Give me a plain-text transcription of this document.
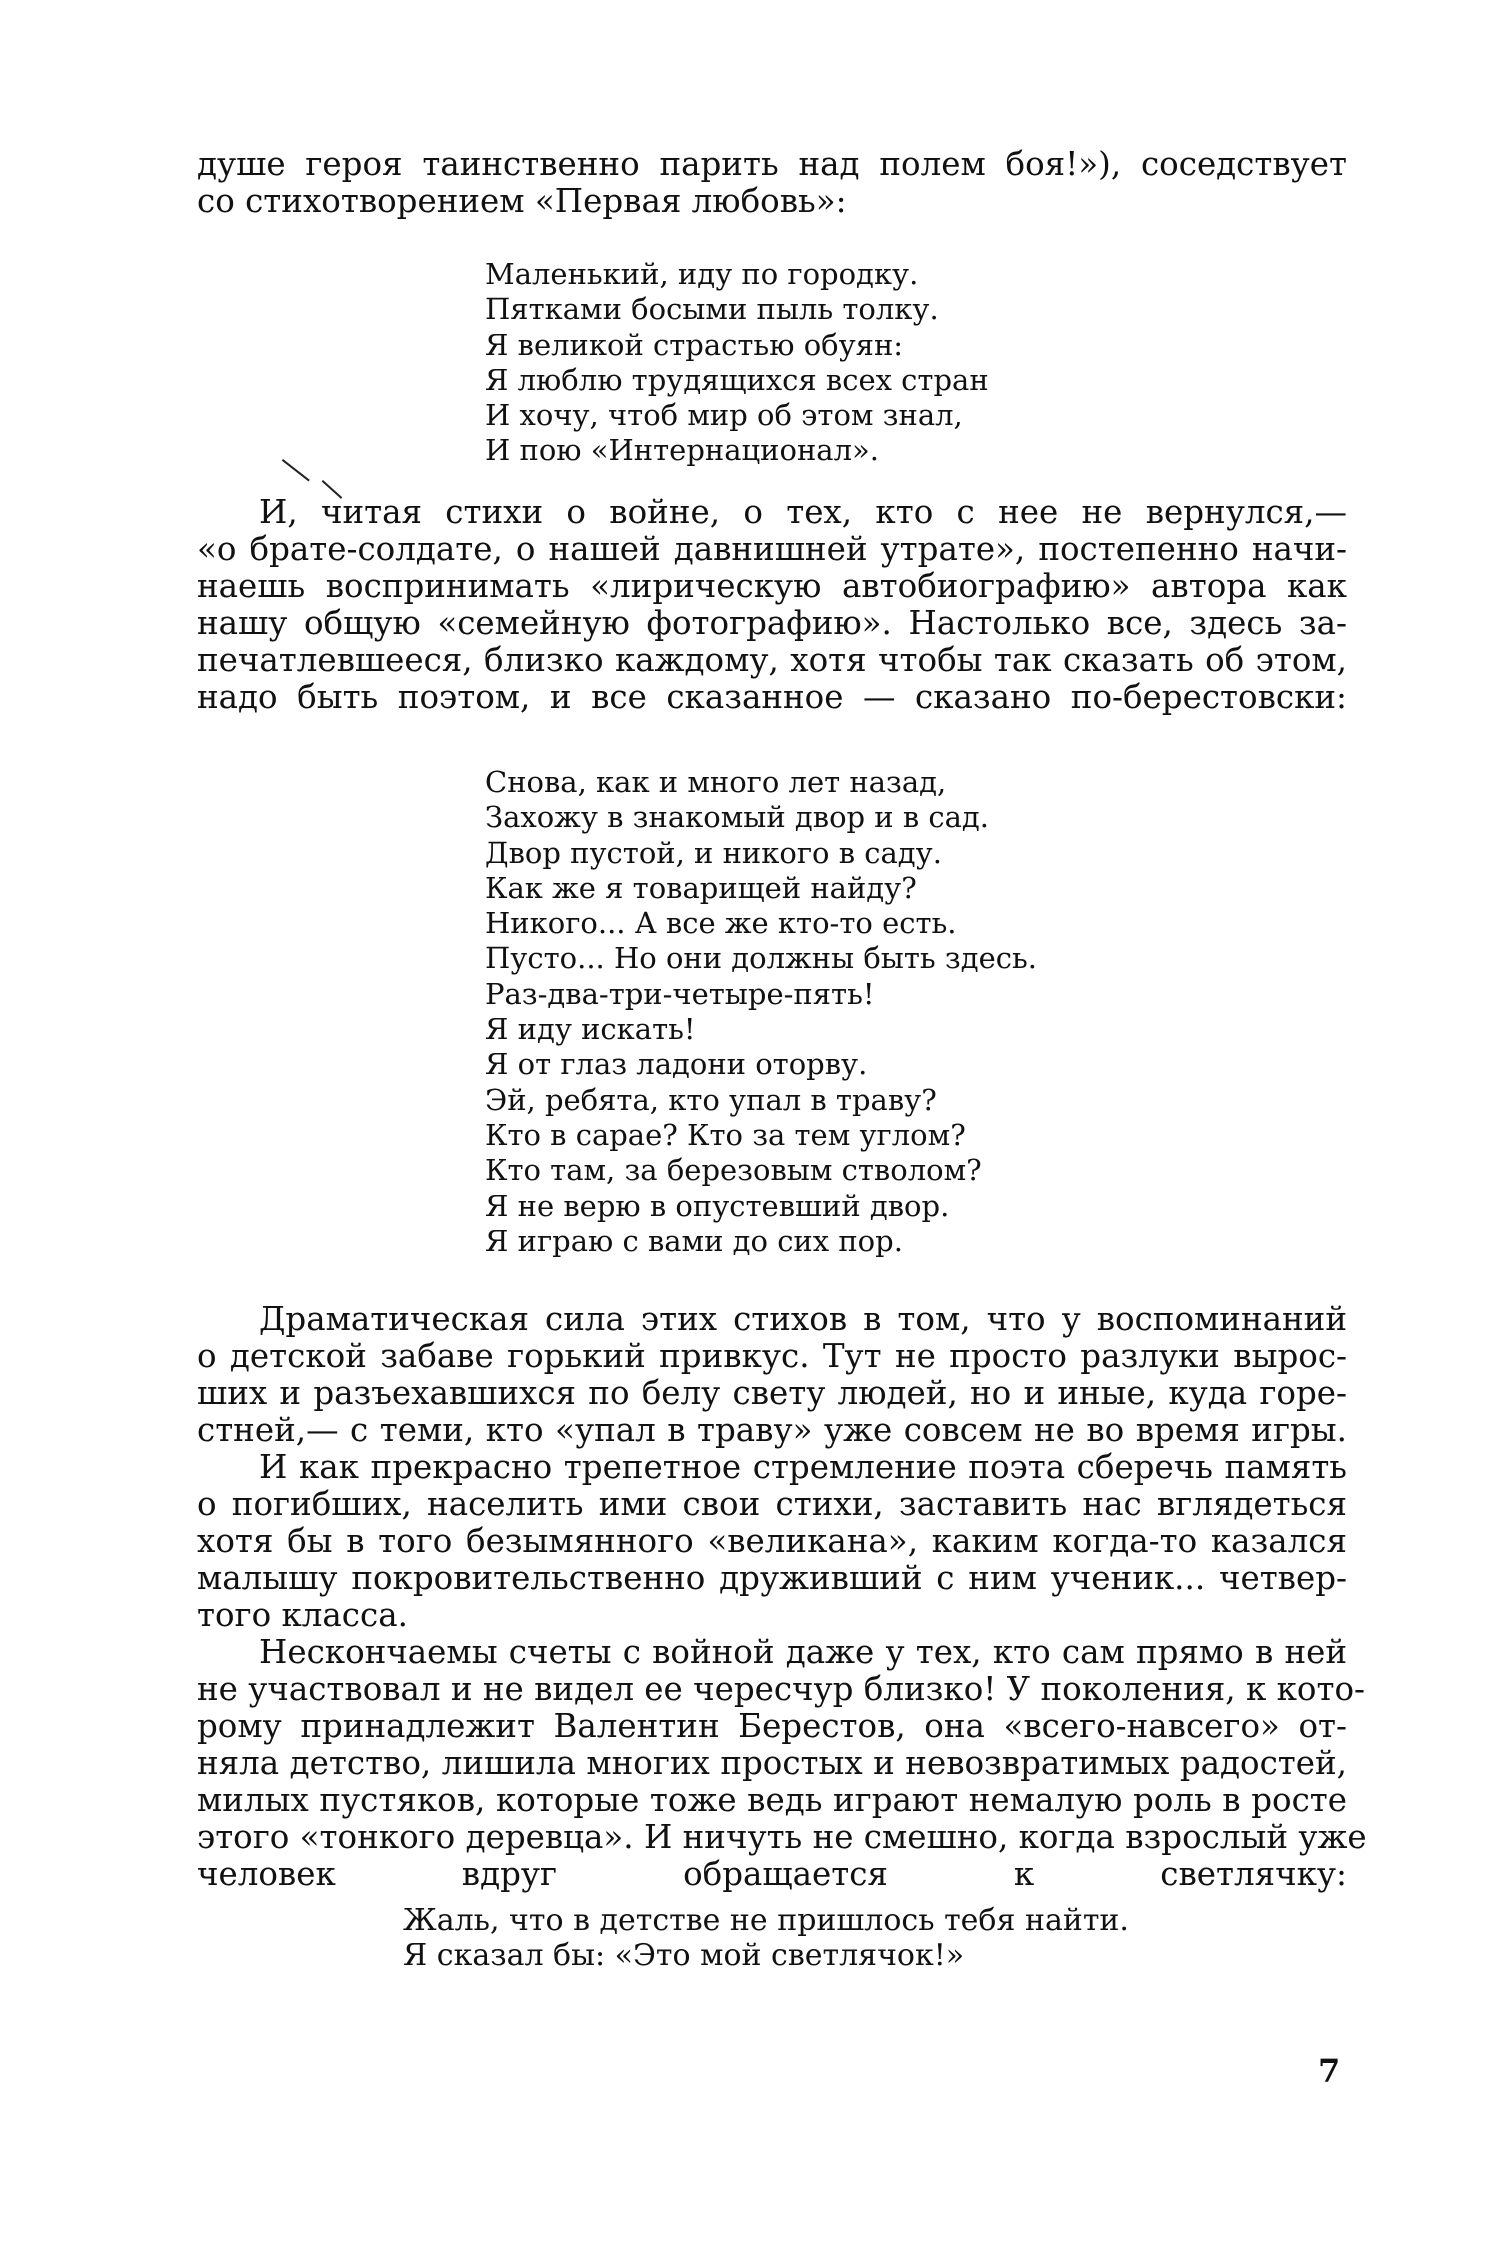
душе героя таинственно парить над полем боя!»), соседствует
со стихотворением «Первая любовь»:
Маленький, иду по городку.
Пятками босыми пыль толку.
Я великой страстью обуян:
Я люблю трудящихся всех стран
И хочу, чтоб мир об этом знал,
И пою «Интернационал».
И, читая стихи о войне, о тех, кто с нее не вернулся,—
«о брате-солдате, о нашей давнишней утрате», постепенно начи-
наешь воспринимать «лирическую автобиографию» автора как
нашу общую «семейную фотографию». Настолько все, здесь за-
печатлевшееся, близко каждому, хотя чтобы так сказать об этом,
надо быть поэтом, и все сказанное — сказано по-берестовски:
Снова, как и много лет назад,
Захожу в знакомый двор и в сад.
Двор пустой, и никого в саду.
Как же я товарищей найду?
Никого... А все же кто-то есть.
Пусто... Но они должны быть здесь.
Раз-два-три-четыре-пять!
Я иду искать!
Я от глаз ладони оторву.
Эй, ребята, кто упал в траву?
Кто в сарае? Кто за тем углом?
Кто там, за березовым стволом?
Я не верю в опустевший двор.
Я играю с вами до сих пор.
Драматическая сила этих стихов в том, что у воспоминаний
о детской забаве горький привкус. Тут не просто разлуки вырос-
ших и разъехавшихся по белу свету людей, но и иные, куда горе-
стней,— с теми, кто «упал в траву» уже совсем не во время игры.
И как прекрасно трепетное стремление поэта сберечь память
о погибших, населить ими свои стихи, заставить нас вглядеться
хотя бы в того безымянного «великана», каким когда-то казался
малышу покровительственно друживший с ним ученик... четвер-
того класса.
Нескончаемы счеты с войной даже у тех, кто сам прямо в ней
не участвовал и не видел ее чересчур близко! У поколения, к кото-
рому принадлежит Валентин Берестов, она «всего-навсего» от-
няла детство, лишила многих простых и невозвратимых радостей,
милых пустяков, которые тоже ведь играют немалую роль в росте
этого «тонкого деревца». И ничуть не смешно, когда взрослый уже
человек вдруг обращается к светлячку:
Жаль, что в детстве не пришлось тебя найти.
Я сказал бы: «Это мой светлячок!»
7
